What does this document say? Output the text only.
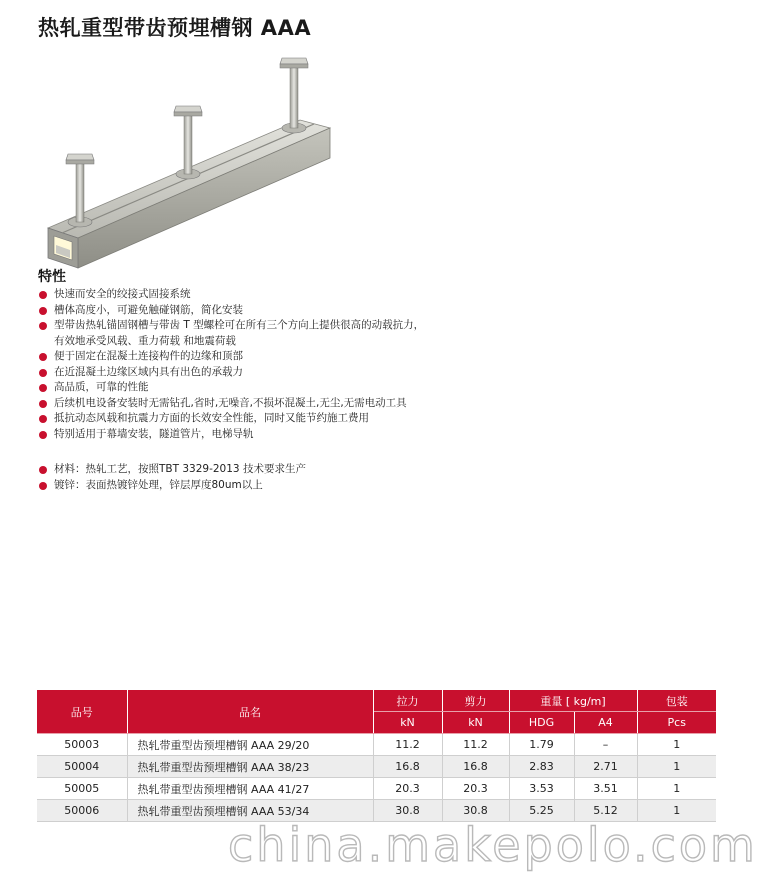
热轧重型带齿预埋槽钢 AAA
特性
快速而安全的绞接式固接系统
槽体高度小，可避免触碰钢筋，简化安装
型带齿热轧锚固钢槽与带齿 T 型螺栓可在所有三个方向上提供很高的动载抗力，
有效地承受风载、重力荷载 和地震荷载
便于固定在混凝土连接构件的边缘和顶部
在近混凝土边缘区域内具有出色的承载力
高品质，可靠的性能
后续机电设备安装时无需钻孔,省时,无噪音,不损坏混凝土,无尘,无需电动工具
抵抗动态风载和抗震力方面的长效安全性能，同时又能节约施工费用
特别适用于幕墙安装，隧道管片，电梯导轨
材料：热轧工艺，按照TBT 3329-2013 技术要求生产
镀锌：表面热镀锌处理，锌层厚度80um以上
品号	品名	拉力	剪力	重量 [ kg/m]		包装
		kN	kN	HDG	A4	Pcs
50003	热轧带重型齿预埋槽钢 AAA 29/20	11.2	11.2	1.79	–	1
50004	热轧带重型齿预埋槽钢 AAA 38/23	16.8	16.8	2.83	2.71	1
50005	热轧带重型齿预埋槽钢 AAA 41/27	20.3	20.3	3.53	3.51	1
50006	热轧带重型齿预埋槽钢 AAA 53/34	30.8	30.8	5.25	5.12	1
china.makepolo.com
